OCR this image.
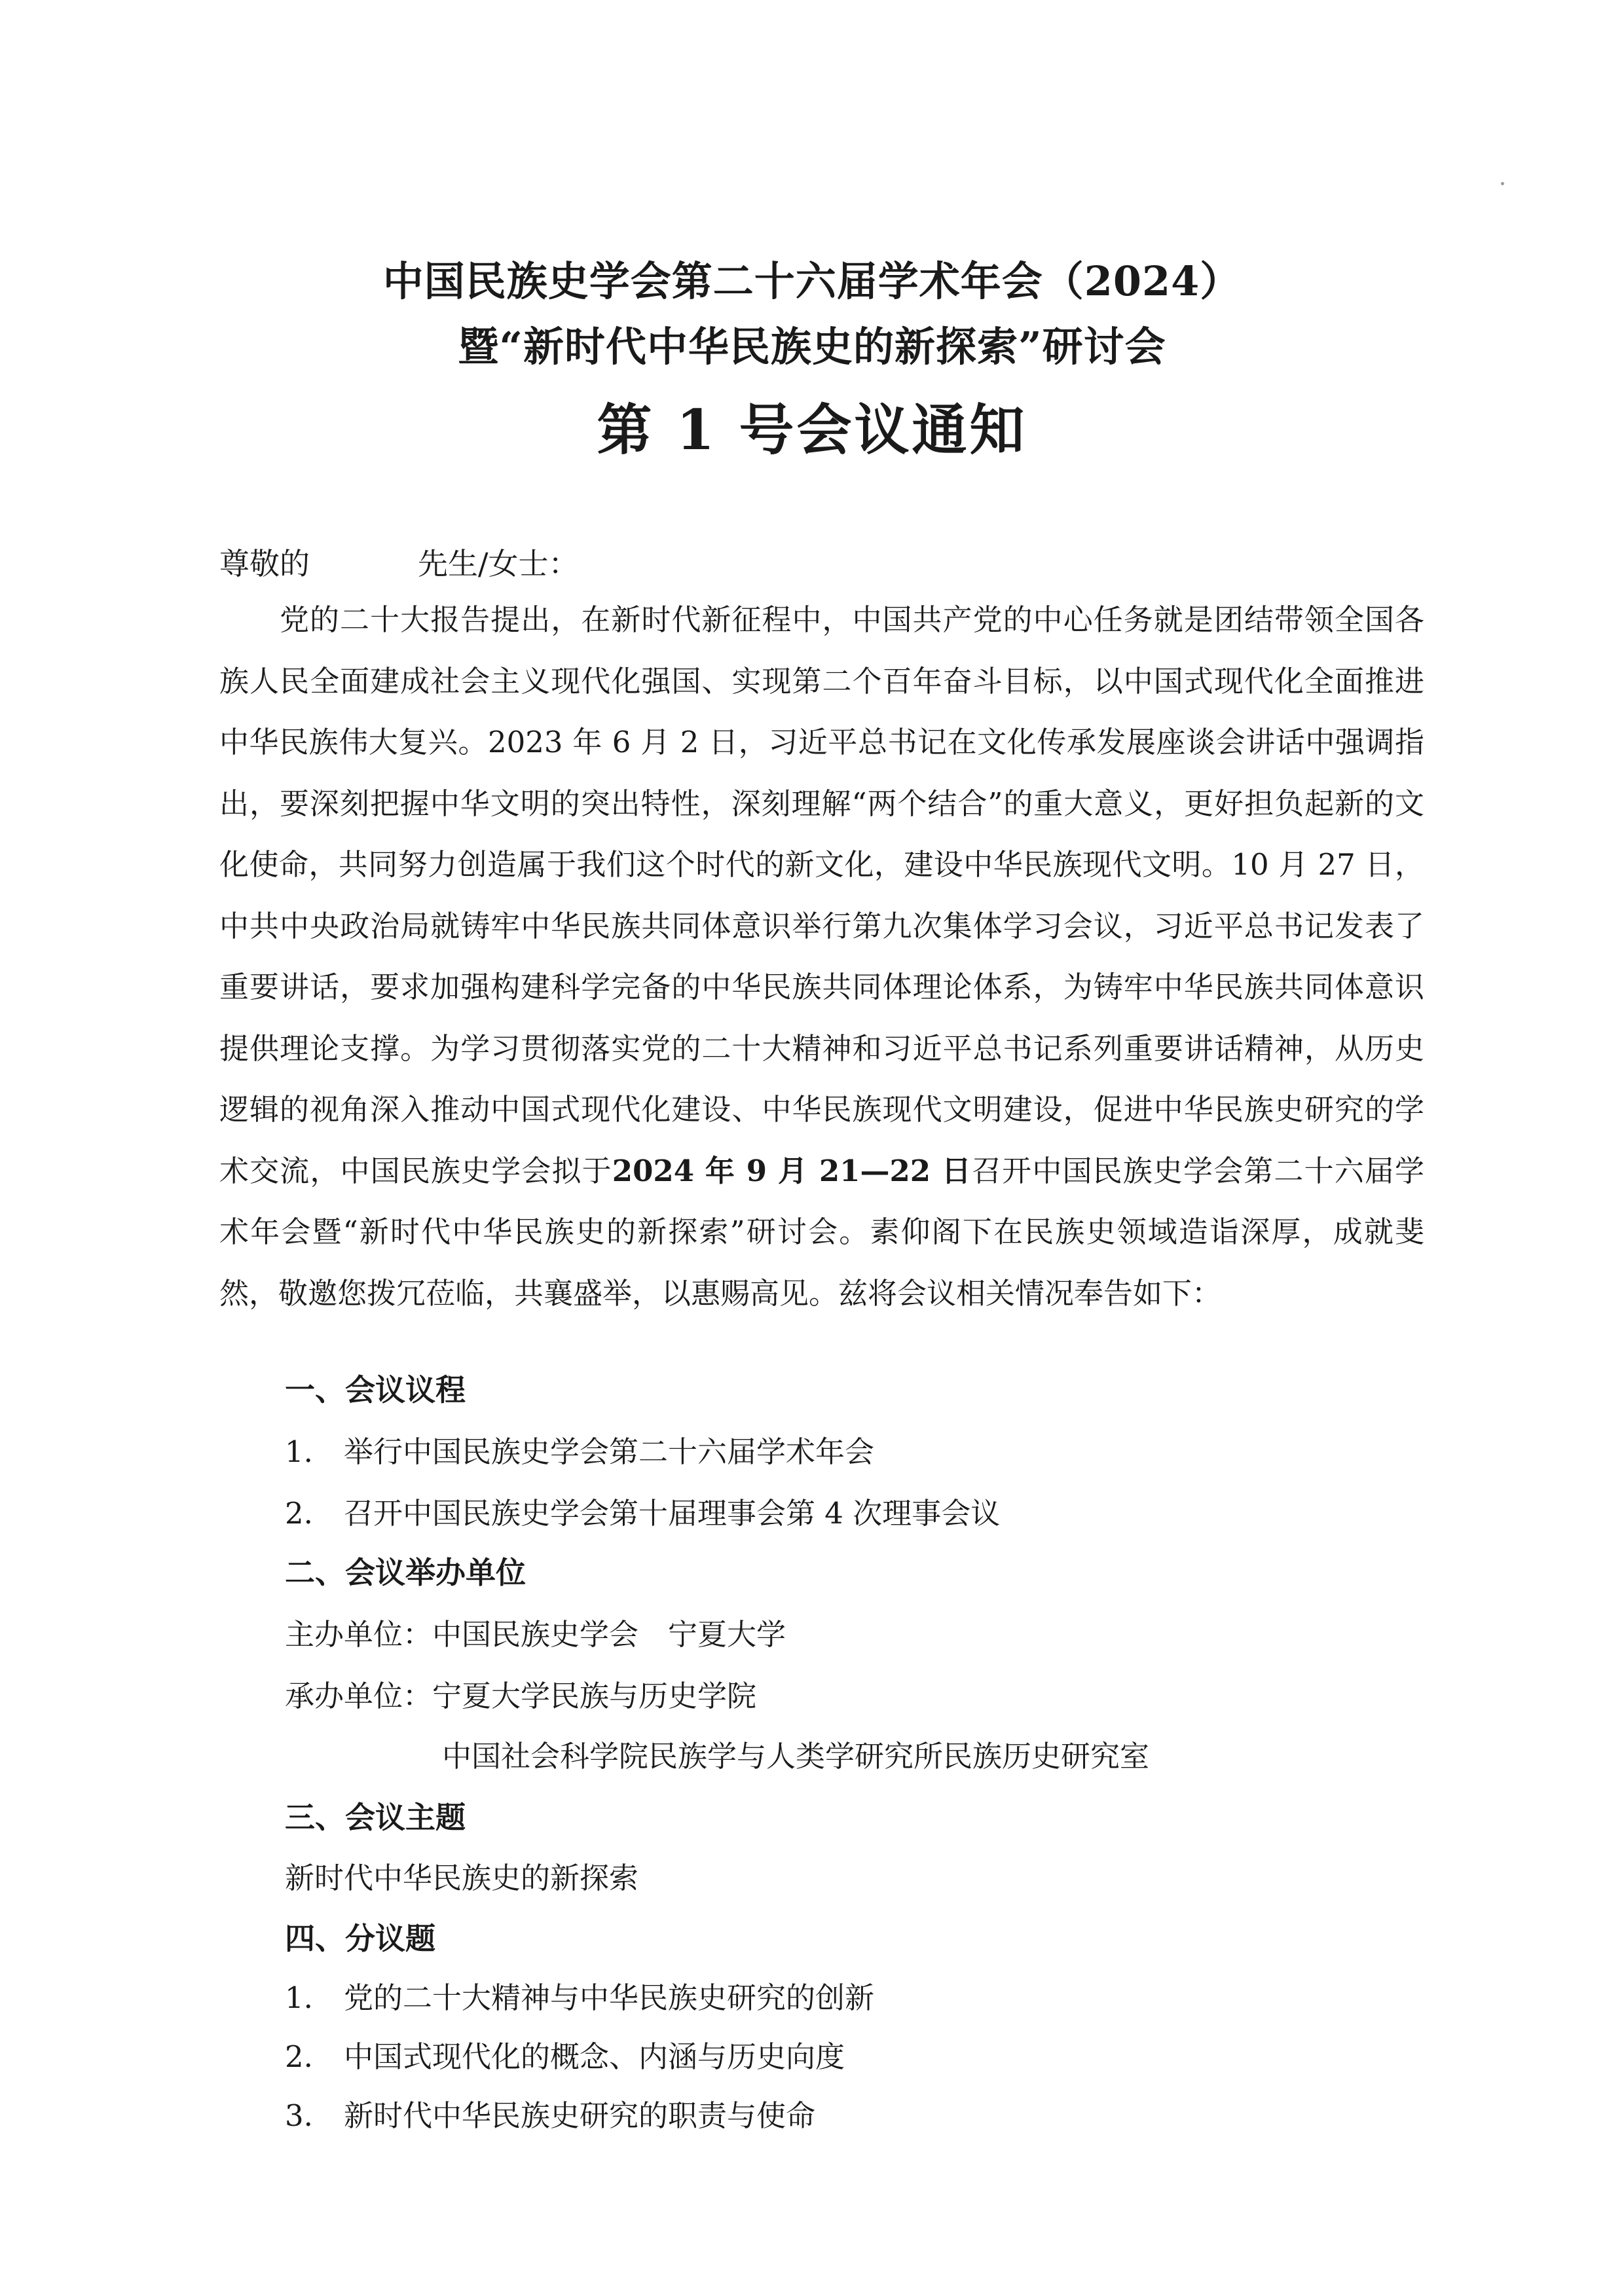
中国民族史学会第二十六届学术年会（2024）
暨“新时代中华民族史的新探索”研讨会
第 1 号会议通知
尊敬的	先生/女士：
党的二十大报告提出，在新时代新征程中，中国共产党的中心任务就是团结带领全国各族人民全面建成社会主义现代化强国、实现第二个百年奋斗目标，以中国式现代化全面推进中华民族伟大复兴。2023 年 6 月 2 日，习近平总书记在文化传承发展座谈会讲话中强调指出，要深刻把握中华文明的突出特性，深刻理解“两个结合”的重大意义，更好担负起新的文化使命，共同努力创造属于我们这个时代的新文化，建设中华民族现代文明。10 月 27 日，中共中央政治局就铸牢中华民族共同体意识举行第九次集体学习会议，习近平总书记发表了重要讲话，要求加强构建科学完备的中华民族共同体理论体系，为铸牢中华民族共同体意识提供理论支撑。为学习贯彻落实党的二十大精神和习近平总书记系列重要讲话精神，从历史逻辑的视角深入推动中国式现代化建设、中华民族现代文明建设，促进中华民族史研究的学术交流，中国民族史学会拟于2024 年 9 月 21—22 日召开中国民族史学会第二十六届学术年会暨“新时代中华民族史的新探索”研讨会。素仰阁下在民族史领域造诣深厚，成就斐然，敬邀您拨冗莅临，共襄盛举，以惠赐高见。兹将会议相关情况奉告如下：
一、会议议程
1. 举行中国民族史学会第二十六届学术年会
2. 召开中国民族史学会第十届理事会第 4 次理事会议
二、会议举办单位
主办单位：中国民族史学会　宁夏大学
承办单位：宁夏大学民族与历史学院
中国社会科学院民族学与人类学研究所民族历史研究室
三、会议主题
新时代中华民族史的新探索
四、分议题
1. 党的二十大精神与中华民族史研究的创新
2. 中国式现代化的概念、内涵与历史向度
3. 新时代中华民族史研究的职责与使命
